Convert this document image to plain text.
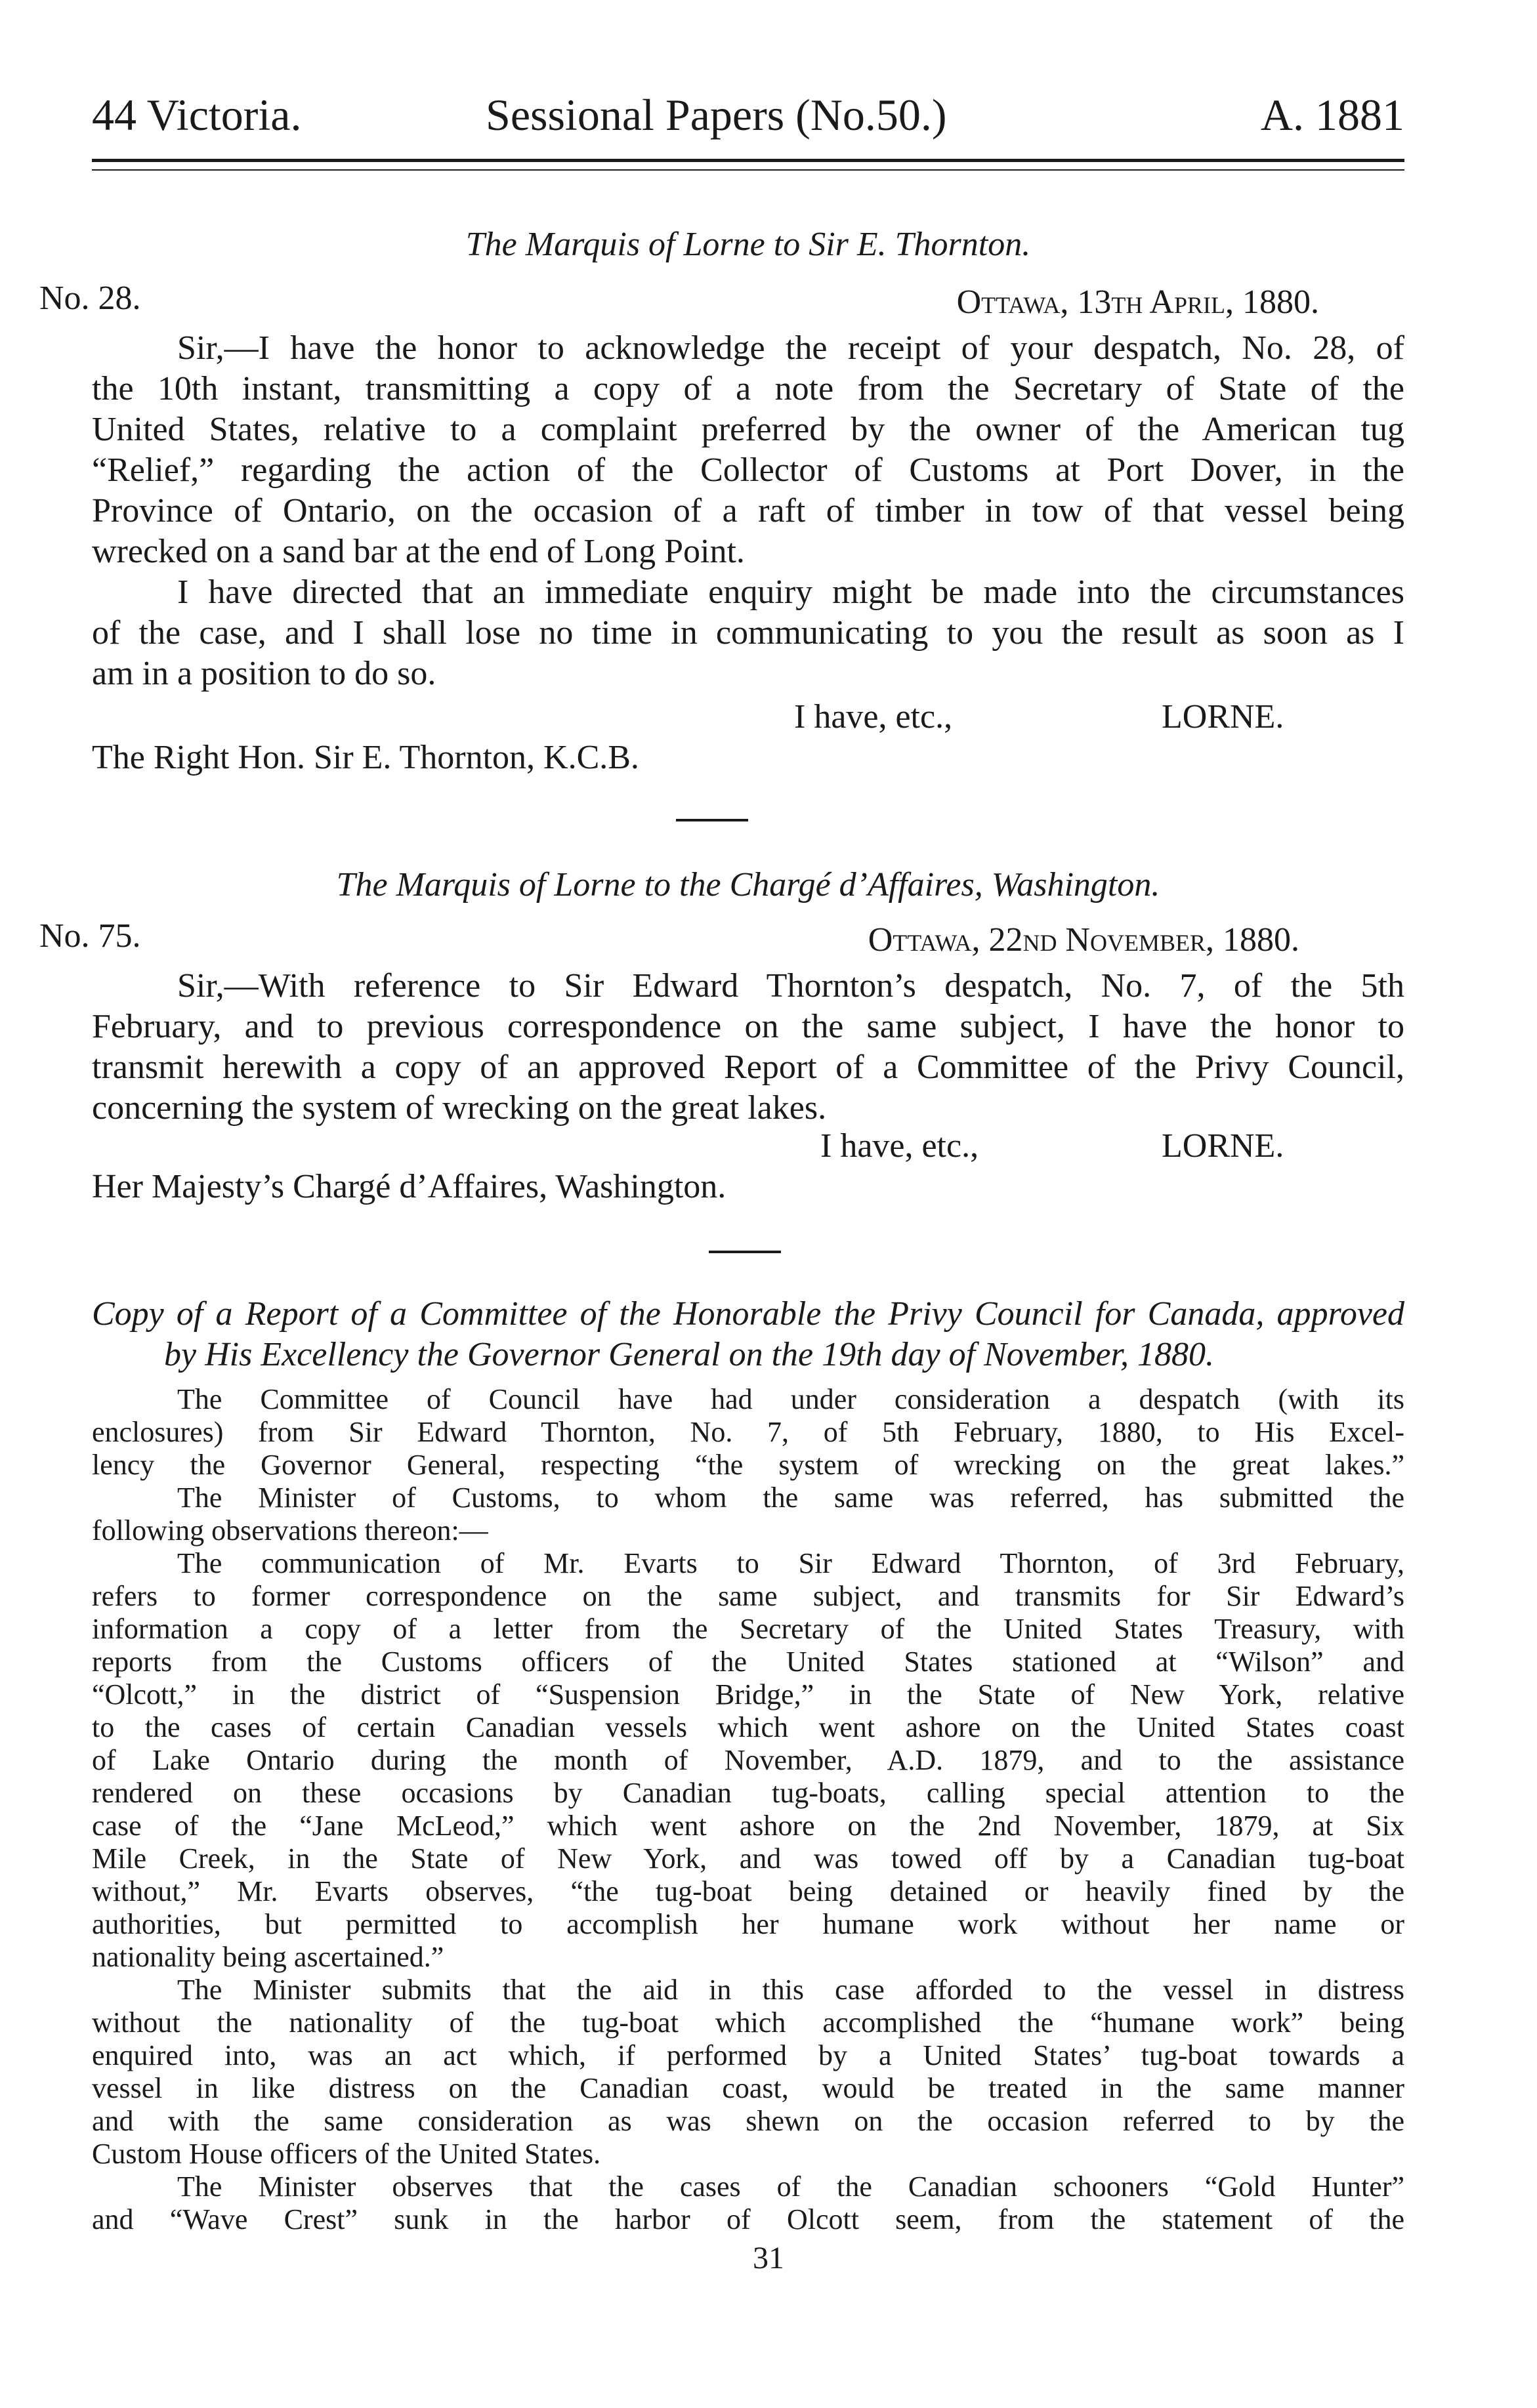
44 Victoria.	Sessional Papers (No.50.)	A. 1881
The Marquis of Lorne to Sir E. Thornton.
No. 28.	Ottawa, 13th April, 1880.
Sir,—I have the honor to acknowledge the receipt of your despatch, No. 28, of
the 10th instant, transmitting a copy of a note from the Secretary of State of the
United States, relative to a complaint preferred by the owner of the American tug
“Relief,” regarding the action of the Collector of Customs at Port Dover, in the
Province of Ontario, on the occasion of a raft of timber in tow of that vessel being
wrecked on a sand bar at the end of Long Point.
I have directed that an immediate enquiry might be made into the circumstances
of the case, and I shall lose no time in communicating to you the result as soon as I
am in a position to do so.
I have, etc.,	LORNE.
The Right Hon. Sir E. Thornton, K.C.B.
The Marquis of Lorne to the Chargé d’Affaires, Washington.
No. 75.	Ottawa, 22nd November, 1880.
Sir,—With reference to Sir Edward Thornton’s despatch, No. 7, of the 5th
February, and to previous correspondence on the same subject, I have the honor to
transmit herewith a copy of an approved Report of a Committee of the Privy Council,
concerning the system of wrecking on the great lakes.
I have, etc.,	LORNE.
Her Majesty’s Chargé d’Affaires, Washington.
Copy of a Report of a Committee of the Honorable the Privy Council for Canada, approved
by His Excellency the Governor General on the 19th day of November, 1880.
The Committee of Council have had under consideration a despatch (with its
enclosures) from Sir Edward Thornton, No. 7, of 5th February, 1880, to His Excel-
lency the Governor General, respecting “the system of wrecking on the great lakes.”
The Minister of Customs, to whom the same was referred, has submitted the
following observations thereon:—
The communication of Mr. Evarts to Sir Edward Thornton, of 3rd February,
refers to former correspondence on the same subject, and transmits for Sir Edward’s
information a copy of a letter from the Secretary of the United States Treasury, with
reports from the Customs officers of the United States stationed at “Wilson” and
“Olcott,” in the district of “Suspension Bridge,” in the State of New York, relative
to the cases of certain Canadian vessels which went ashore on the United States coast
of Lake Ontario during the month of November, A.D. 1879, and to the assistance
rendered on these occasions by Canadian tug-boats, calling special attention to the
case of the “Jane McLeod,” which went ashore on the 2nd November, 1879, at Six
Mile Creek, in the State of New York, and was towed off by a Canadian tug-boat
without,” Mr. Evarts observes, “the tug-boat being detained or heavily fined by the
authorities, but permitted to accomplish her humane work without her name or
nationality being ascertained.”
The Minister submits that the aid in this case afforded to the vessel in distress
without the nationality of the tug-boat which accomplished the “humane work” being
enquired into, was an act which, if performed by a United States’ tug-boat towards a
vessel in like distress on the Canadian coast, would be treated in the same manner
and with the same consideration as was shewn on the occasion referred to by the
Custom House officers of the United States.
The Minister observes that the cases of the Canadian schooners “Gold Hunter”
and “Wave Crest” sunk in the harbor of Olcott seem, from the statement of the
31
